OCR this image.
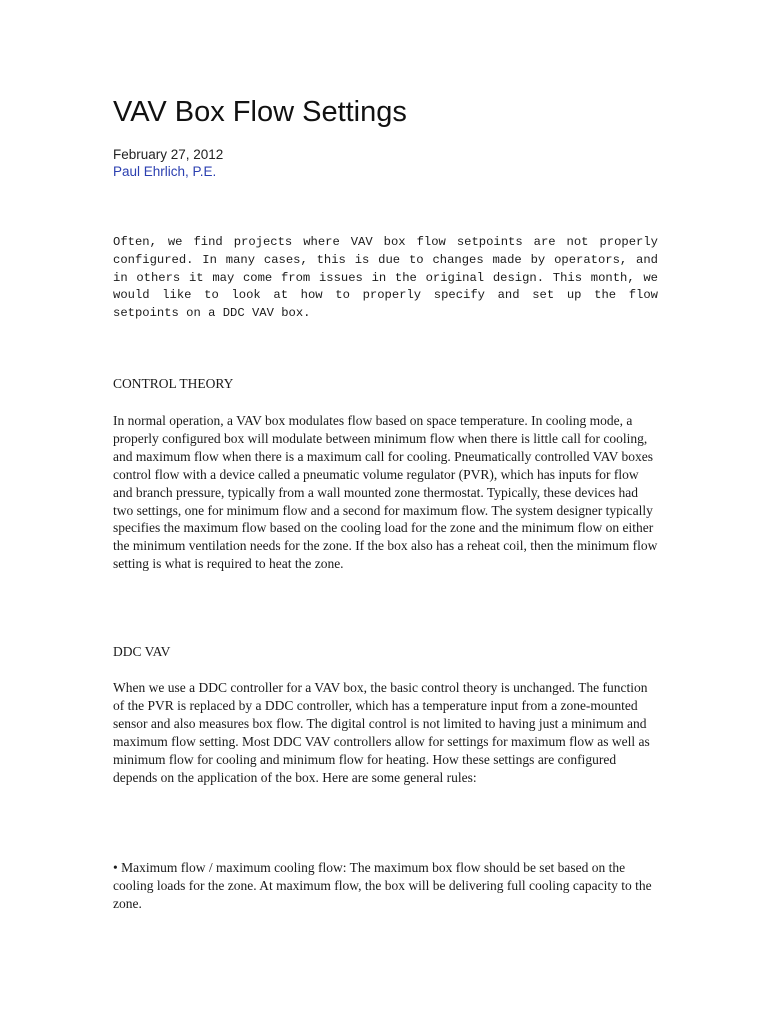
VAV Box Flow Settings
February 27, 2012
Paul Ehrlich, P.E.

Often, we find projects where VAV box flow setpoints are not properly configured. In many cases, this is due to changes made by operators, and in others it may come from issues in the original design. This month, we would like to look at how to properly specify and set up the flow setpoints on a DDC VAV box.

CONTROL THEORY

In normal operation, a VAV box modulates flow based on space temperature. In cooling mode, a properly configured box will modulate between minimum flow when there is little call for cooling, and maximum flow when there is a maximum call for cooling. Pneumatically controlled VAV boxes control flow with a device called a pneumatic volume regulator (PVR), which has inputs for flow and branch pressure, typically from a wall mounted zone thermostat. Typically, these devices had two settings, one for minimum flow and a second for maximum flow. The system designer typically specifies the maximum flow based on the cooling load for the zone and the minimum flow on either the minimum ventilation needs for the zone. If the box also has a reheat coil, then the minimum flow setting is what is required to heat the zone.

DDC VAV

When we use a DDC controller for a VAV box, the basic control theory is unchanged. The function of the PVR is replaced by a DDC controller, which has a temperature input from a zone-mounted sensor and also measures box flow. The digital control is not limited to having just a minimum and maximum flow setting. Most DDC VAV controllers allow for settings for maximum flow as well as minimum flow for cooling and minimum flow for heating. How these settings are configured depends on the application of the box. Here are some general rules:

• Maximum flow / maximum cooling flow: The maximum box flow should be set based on the cooling loads for the zone. At maximum flow, the box will be delivering full cooling capacity to the zone.
